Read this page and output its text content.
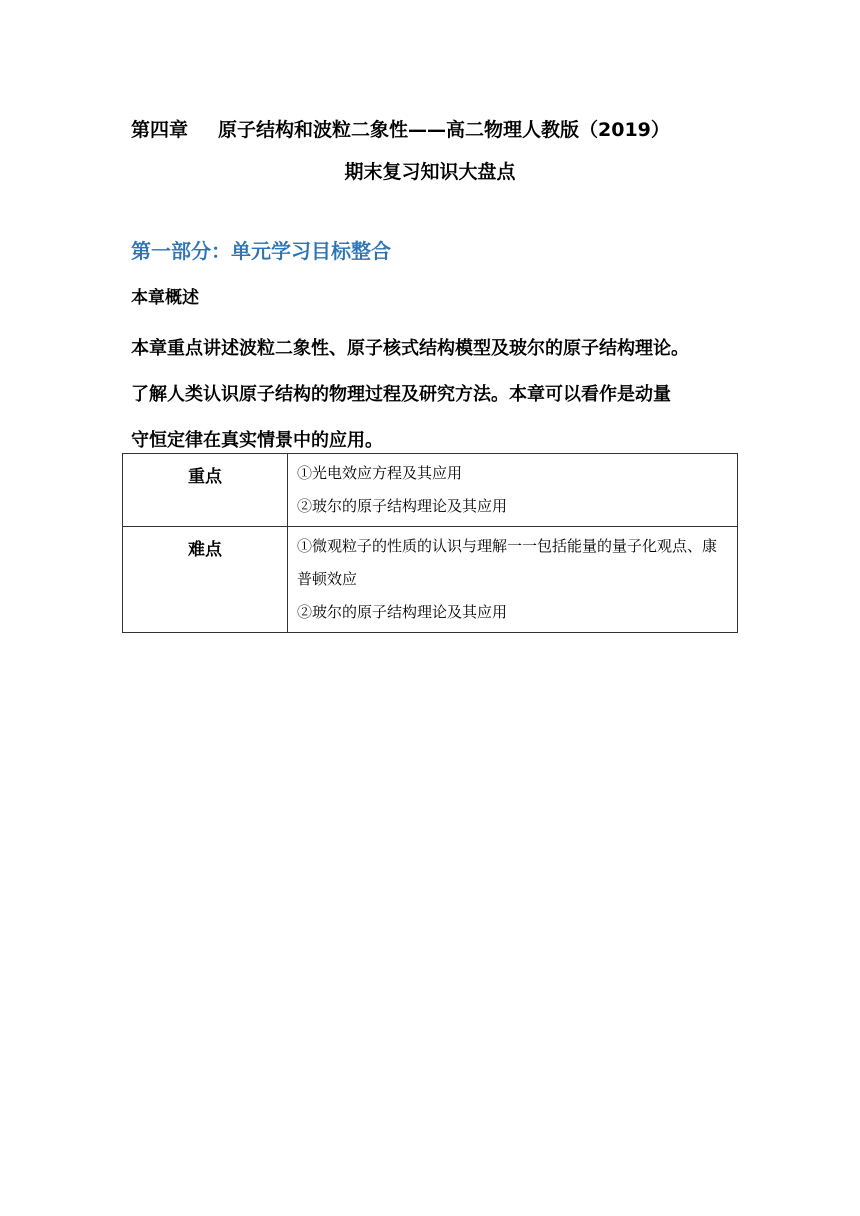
第四章 原子结构和波粒二象性——高二物理人教版（2019）
期末复习知识大盘点
第一部分：单元学习目标整合
本章概述
本章重点讲述波粒二象性、原子核式结构模型及玻尔的原子结构理论。
了解人类认识原子结构的物理过程及研究方法。本章可以看作是动量
守恒定律在真实情景中的应用。
重点	①光电效应方程及其应用
②玻尔的原子结构理论及其应用

难点	①微观粒子的性质的认识与理解一一包括能量的量子化观点、康普顿效应
②玻尔的原子结构理论及其应用
